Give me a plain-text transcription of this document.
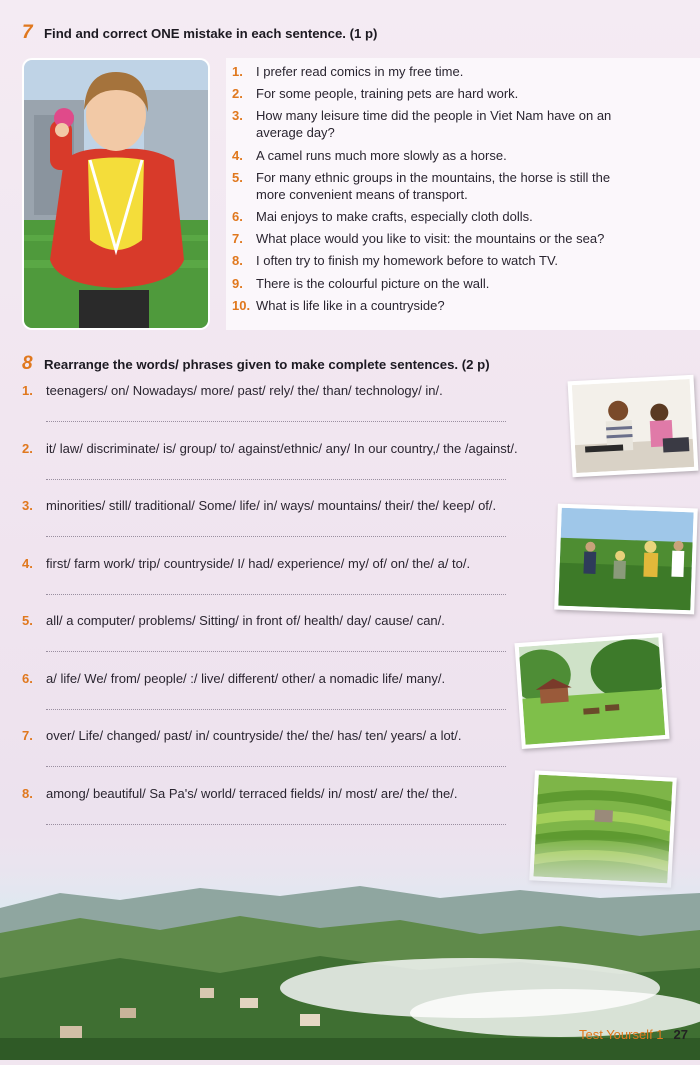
7 Find and correct ONE mistake in each sentence. (1 p)
1.	I prefer read comics in my free time.
2.	For some people, training pets are hard work.
3.	How many leisure time did the people in Viet Nam have on an average day?
4.	A camel runs much more slowly as a horse.
5.	For many ethnic groups in the mountains, the horse is still the more convenient means of transport.
6.	Mai enjoys to make crafts, especially cloth dolls.
7.	What place would you like to visit: the mountains or the sea?
8.	I often try to finish my homework before to watch TV.
9.	There is the colourful picture on the wall.
10. What is life like in a countryside?
8 Rearrange the words/ phrases given to make complete sentences. (2 p)
1.	teenagers/ on/ Nowadays/ more/ past/ rely/ the/ than/ technology/ in/.
2.	it/ law/ discriminate/ is/ group/ to/ against/ethnic/ any/ In our country,/ the /against/.
3.	minorities/ still/ traditional/ Some/ life/ in/ ways/ mountains/ their/ the/ keep/ of/.
4.	first/ farm work/ trip/ countryside/ I/ had/ experience/ my/ of/ on/ the/ a/ to/.
5.	all/ a computer/ problems/ Sitting/ in front of/ health/ day/ cause/ can/.
6.	a/ life/ We/ from/ people/ :/ live/ different/ other/ a nomadic life/ many/.
7.	over/ Life/ changed/ past/ in/ countryside/ the/ the/ has/ ten/ years/ a lot/.
8.	among/ beautiful/ Sa Pa's/ world/ terraced fields/ in/ most/ are/ the/ the/.
Test Yourself 1 27
